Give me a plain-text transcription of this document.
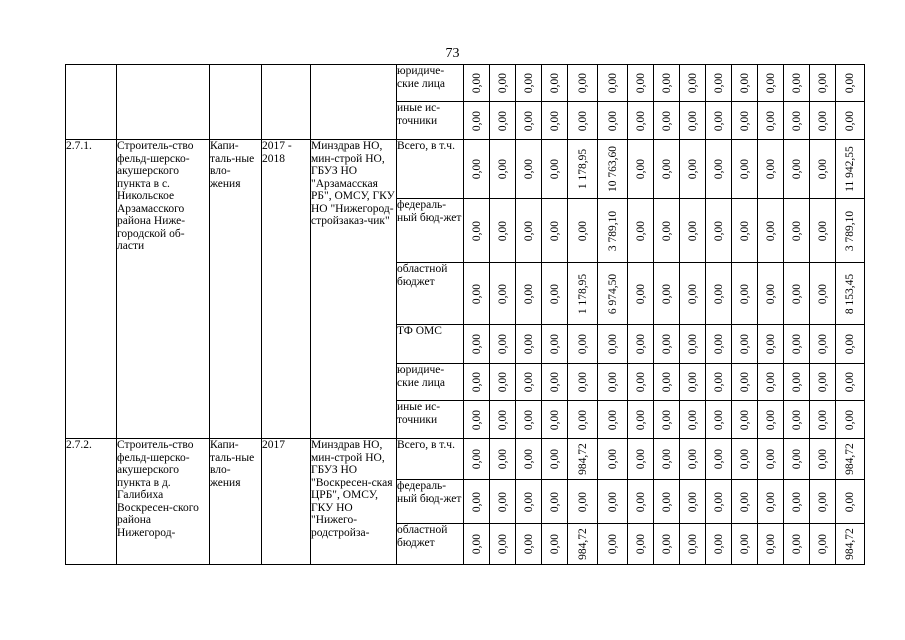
73
					юридиче-ские лица	0,00	0,00	0,00	0,00	0,00	0,00	0,00	0,00	0,00	0,00	0,00	0,00	0,00	0,00	0,00

					иные ис-точники	0,00	0,00	0,00	0,00	0,00	0,00	0,00	0,00	0,00	0,00	0,00	0,00	0,00	0,00	0,00

2.7.1.	Строитель-ство фельд-шерско-акушерского пункта в с. Никольское Арзамасского района Ниже-городской об-ласти	Капи-таль-ные вло-жения	2017 - 2018	Минздрав НО, мин-строй НО, ГБУЗ НО "Арзамасская РБ", ОМСУ, ГКУ НО "Нижегород-стройзаказ-чик"	Всего, в т.ч.	0,00	0,00	0,00	0,00	1 178,95	10 763,60	0,00	0,00	0,00	0,00	0,00	0,00	0,00	0,00	11 942,55

					федераль-ный бюд-жет	0,00	0,00	0,00	0,00	0,00	3 789,10	0,00	0,00	0,00	0,00	0,00	0,00	0,00	0,00	3 789,10

					областной бюджет	0,00	0,00	0,00	0,00	1 178,95	6 974,50	0,00	0,00	0,00	0,00	0,00	0,00	0,00	0,00	8 153,45

					ТФ ОМС	0,00	0,00	0,00	0,00	0,00	0,00	0,00	0,00	0,00	0,00	0,00	0,00	0,00	0,00	0,00

					юридиче-ские лица	0,00	0,00	0,00	0,00	0,00	0,00	0,00	0,00	0,00	0,00	0,00	0,00	0,00	0,00	0,00

					иные ис-точники	0,00	0,00	0,00	0,00	0,00	0,00	0,00	0,00	0,00	0,00	0,00	0,00	0,00	0,00	0,00

2.7.2.	Строитель-ство фельд-шерско-акушерского пункта в д. Галибиха Воскресен-ского района Нижегород-	Капи-таль-ные вло-жения	2017	Минздрав НО, мин-строй НО, ГБУЗ НО "Воскресен-ская ЦРБ", ОМСУ, ГКУ НО "Нижего-родстройза-	Всего, в т.ч.	0,00	0,00	0,00	0,00	984,72	0,00	0,00	0,00	0,00	0,00	0,00	0,00	0,00	0,00	984,72

					федераль-ный бюд-жет	0,00	0,00	0,00	0,00	0,00	0,00	0,00	0,00	0,00	0,00	0,00	0,00	0,00	0,00	0,00

					областной бюджет	0,00	0,00	0,00	0,00	984,72	0,00	0,00	0,00	0,00	0,00	0,00	0,00	0,00	0,00	984,72
